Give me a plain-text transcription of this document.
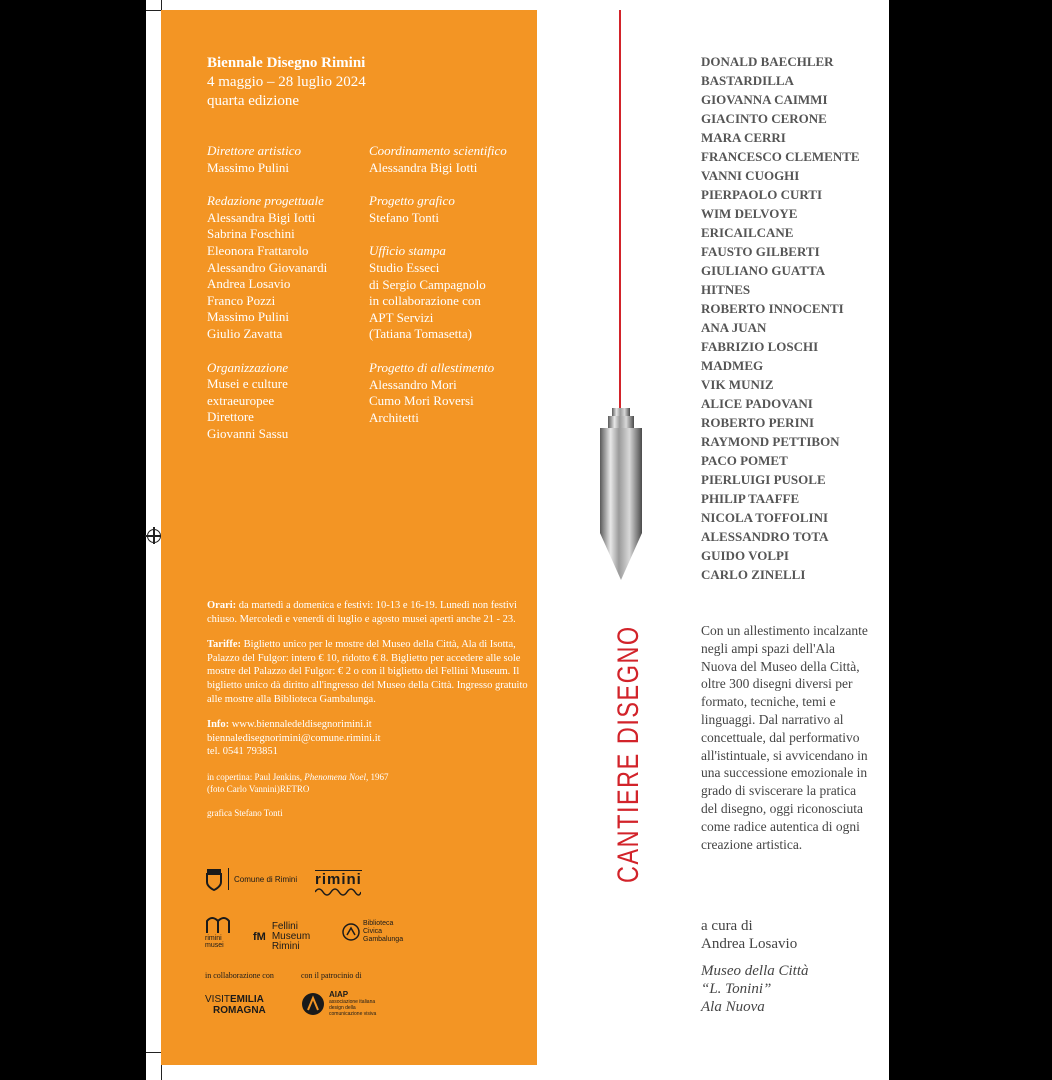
Biennale Disegno Rimini
4 maggio – 28 luglio 2024
quarta edizione
Direttore artistico
Massimo Pulini
Redazione progettuale
Alessandra Bigi Iotti
Sabrina Foschini
Eleonora Frattarolo
Alessandro Giovanardi
Andrea Losavio
Franco Pozzi
Massimo Pulini
Giulio Zavatta
Organizzazione
Musei e culture
extraeuropee
Direttore
Giovanni Sassu
Coordinamento scientifico
Alessandra Bigi Iotti
Progetto grafico
Stefano Tonti
Ufficio stampa
Studio Esseci
di Sergio Campagnolo
in collaborazione con
APT Servizi
(Tatiana Tomasetta)
Progetto di allestimento
Alessandro Mori
Cumo Mori Roversi
Architetti

Orari: da martedì a domenica e festivi: 10-13 e 16-19. Lunedì non festivi chiuso. Mercoledì e venerdì di luglio e agosto musei aperti anche 21 - 23.

Tariffe: Biglietto unico per le mostre del Museo della Città, Ala di Isotta, Palazzo del Fulgor: intero € 10, ridotto € 8. Biglietto per accedere alle sole mostre del Palazzo del Fulgor: € 2 o con il biglietto del Fellini Museum. Il biglietto unico dà diritto all'ingresso del Museo della Città. Ingresso gratuito alle mostre alla Biblioteca Gambalunga.

Info: www.biennaledeldisegnorimini.it
biennaledisegnorimini@comune.rimini.it
tel. 0541 793851

in copertina: Paul Jenkins, Phenomena Noel, 1967
(foto Carlo Vannini)RETRO

grafica Stefano Tonti

Comune di Rimini rimini
rimini musei
fM
Fellini Museum Rimini
Biblioteca Civica Gambalunga
in collaborazione con	con il patrocinio di
VISITEMILIA
ROMAGNA
AIAP
associazione italiana design della comunicazione visiva
CANTIERE DISEGNO
DONALD BAECHLER
BASTARDILLA
GIOVANNA CAIMMI
GIACINTO CERONE
MARA CERRI
FRANCESCO CLEMENTE
VANNI CUOGHI
PIERPAOLO CURTI
WIM DELVOYE
ERICAILCANE
FAUSTO GILBERTI
GIULIANO GUATTA
HITNES
ROBERTO INNOCENTI
ANA JUAN
FABRIZIO LOSCHI
MADMEG
VIK MUNIZ
ALICE PADOVANI
ROBERTO PERINI
RAYMOND PETTIBON
PACO POMET
PIERLUIGI PUSOLE
PHILIP TAAFFE
NICOLA TOFFOLINI
ALESSANDRO TOTA
GUIDO VOLPI
CARLO ZINELLI
Con un allestimento incalzante negli ampi spazi dell'Ala Nuova del Museo della Città, oltre 300 disegni diversi per formato, tecniche, temi e linguaggi. Dal narrativo al concettuale, dal performativo all'istintuale, si avvicendano in una successione emozionale in grado di sviscerare la pratica del disegno, oggi riconosciuta come radice autentica di ogni creazione artistica.
a cura di
Andrea Losavio
Museo della Città
“L. Tonini”
Ala Nuova
